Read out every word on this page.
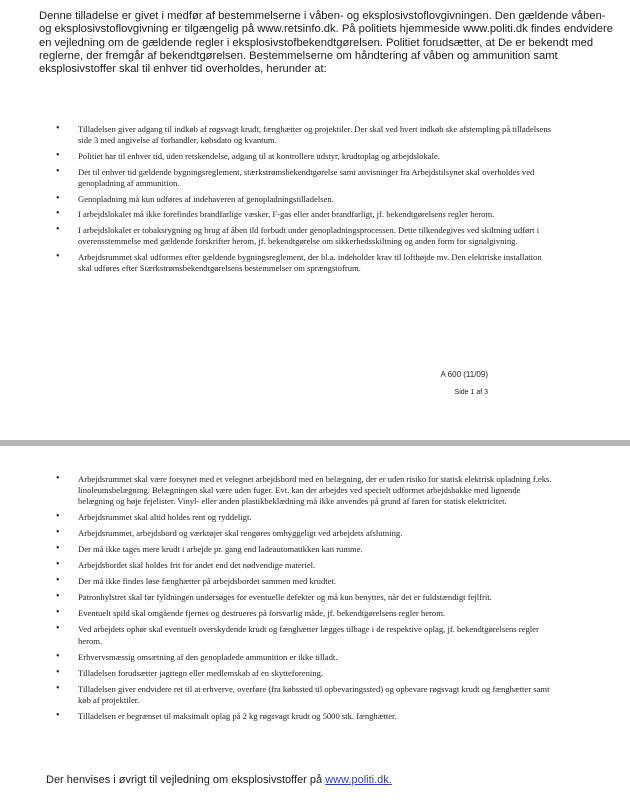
Denne tilladelse er givet i medfør af bestemmelserne i våben- og eksplosivstoflovgivningen. Den gældende våben- og eksplosivstoflovgivning er tilgængelig på www.retsinfo.dk. På politiets hjemmeside www.politi.dk findes endvidere en vejledning om de gældende regler i eksplosivstofbekendtgørelsen. Politiet forudsætter, at De er bekendt med reglerne, der fremgår af bekendtgørelsen. Bestemmelserne om håndtering af våben og ammunition samt eksplosivstoffer skal til enhver tid overholdes, herunder at:

• Tilladelsen giver adgang til indkøb af røgsvagt krudt, fænghætter og projektiler. Der skal ved hvert indkøb ske afstempling på tilladelsens side 3 med angivelse af forhandler, købsdato og kvantum.
• Politiet har til enhver tid, uden retskendelse, adgang til at kontrollere udstyr, krudtoplag og arbejdslokale.
• Det til enhver tid gældende bygningsreglement, stærkstrømsbekendtgørelse samt anvisninger fra Arbejdstilsynet skal overholdes ved genopladning af ammunition.
• Genopladning må kun udføres af indehaveren af genopladningstilladelsen.
• I arbejdslokalet må ikke forefindes brandfarlige væsker, F-gas eller andet brandfarligt, jf. bekendtgørelsens regler herom.
• I arbejdslokalet er tobaksrygning og brug af åben ild forbudt under genopladningsprocessen. Dette tilkendegives ved skiltning udført i overensstemmelse med gældende forskrifter herom, jf. bekendtgørelse om sikkerhedsskiltning og anden form for signalgivning.
• Arbejdsrummet skal udformes efter gældende bygningsreglement, der bl.a. indeholder krav til lofthøjde mv. Den elektriske installation skal udføres efter Stærkstrømsbekendtgørelsens bestemmelser om sprængstofrum.

A 600 (11/09)

Side 1 af 3

• Arbejdsrummet skal være forsynet med et velegnet arbejdsbord med en belægning, der er uden risiko for statisk elektrisk opladning f.eks. linoleumsbelægning. Belægningen skal være uden fuger. Evt. kan der arbejdes ved specielt udformet arbejdsbakke med lignende belægning og høje fejelister. Vinyl- eller anden plastikbeklædning må ikke anvendes på grund af faren for statisk elektricitet.
• Arbejdsrummet skal altid holdes rent og ryddeligt.
• Arbejdsrummet, arbejdsbord og værktøjer skal rengøres omhyggeligt ved arbejdets afslutning.
• Der må ikke tages mere krudt i arbejde pr. gang end ladeautomatikken kan rumme.
• Arbejdsbordet skal holdes frit for andet end det nødvendige materiel.
• Der må ikke findes løse fænghætter på arbejdsbordet sammen med krudtet.
• Patronhylstret skal før fyldningen undersøges for eventuelle defekter og må kun benyttes, når det er fuldstændigt fejlfrit.
• Eventuelt spild skal omgående fjernes og destrueres på forsvarlig måde, jf. bekendtgørelsens regler herom.
• Ved arbejdets ophør skal eventuelt overskydende krudt og fænghætter lægges tilbage i de respektive oplag, jf. bekendtgørelsens regler herom.
• Erhvervsmæssig omsætning af den genopladede ammunition er ikke tilladt.
• Tilladelsen forudsætter jagttegn eller medlemskab af en skytteforening.
• Tilladelsen giver endvidere ret til at erhverve, overføre (fra købssted til opbevaringssted) og opbevare røgsvagt krudt og fænghætter samt køb af projektiler.
• Tilladelsen er begrænset til maksimalt oplag på 2 kg røgsvagt krudt og 5000 stk. fænghætter.

Der henvises i øvrigt til vejledning om eksplosivstoffer på www.politi.dk.
